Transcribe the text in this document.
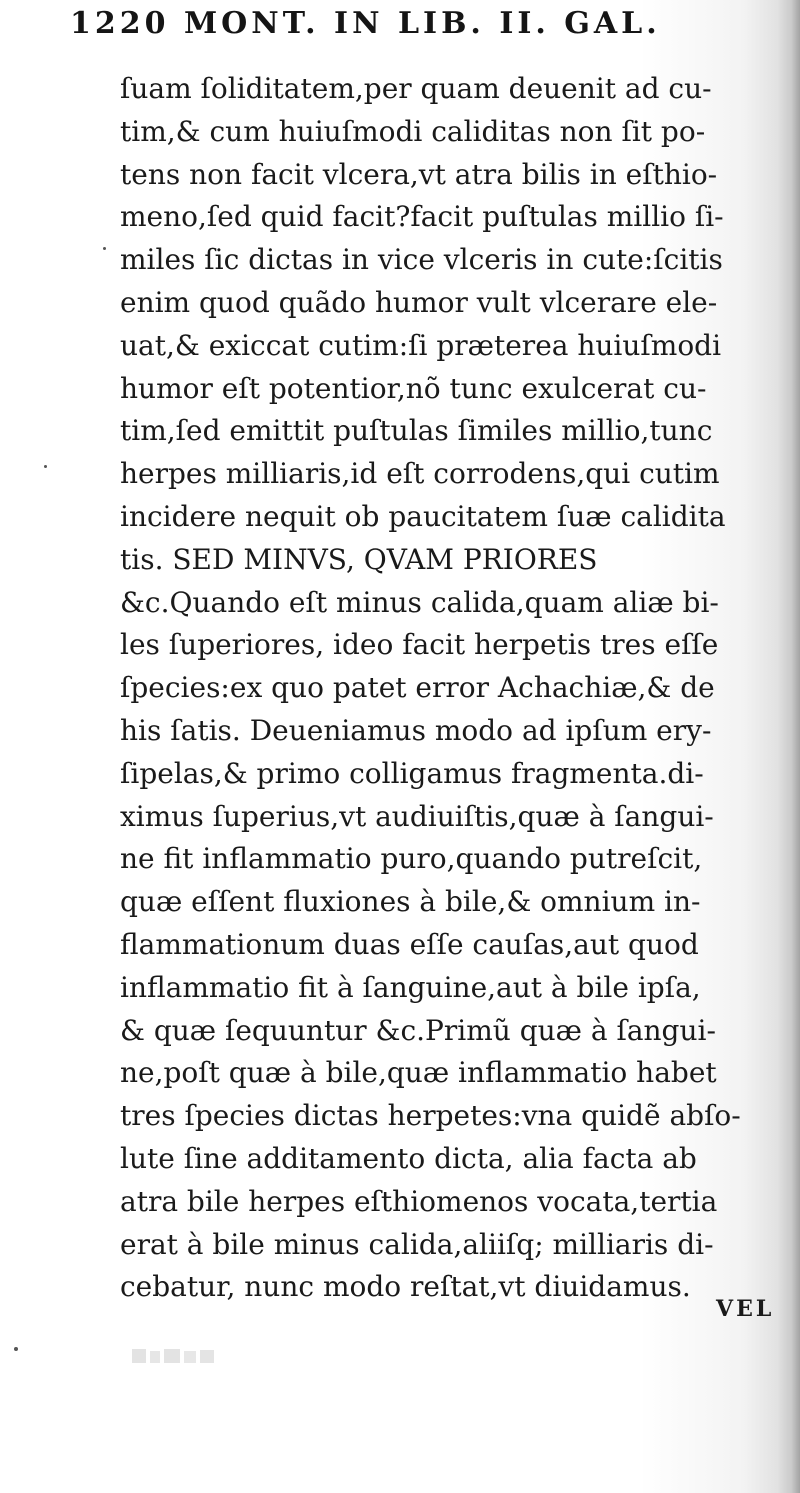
1220 MONT. IN LIB. II. GAL.
ſuam ſoliditatem,per quam deuenit ad cu-
tim,& cum huiuſmodi caliditas non ſit po-
tens non facit vlcera,vt atra bilis in eſthio-
meno,ſed quid facit?facit puſtulas millio ſi-
miles ſic dictas in vice vlceris in cute:ſcitis
enim quod quãdo humor vult vlcerare ele-
uat,& exiccat cutim:ſi præterea huiuſmodi
humor eſt potentior,nõ tunc exulcerat cu-
tim,ſed emittit puſtulas ſimiles millio,tunc
herpes milliaris,id eſt corrodens,qui cutim
incidere nequit ob paucitatem ſuæ calidita
tis. SED MINVS, QVAM PRIORES
&c.Quando eſt minus calida,quam aliæ bi-
les ſuperiores, ideo facit herpetis tres eſſe
ſpecies:ex quo patet error Achachiæ,& de
his ſatis. Deueniamus modo ad ipſum ery-
ſipelas,& primo colligamus fragmenta.di-
ximus ſuperius,vt audiuiſtis,quæ à ſangui-
ne fit inflammatio puro,quando putreſcit,
quæ eſſent fluxiones à bile,& omnium in-
flammationum duas eſſe cauſas,aut quod
inflammatio fit à ſanguine,aut à bile ipſa,
& quæ ſequuntur &c.Primũ quæ à ſangui-
ne,poſt quæ à bile,quæ inflammatio habet
tres ſpecies dictas herpetes:vna quidẽ abſo-
lute ſine additamento dicta, alia facta ab
atra bile herpes eſthiomenos vocata,tertia
erat à bile minus calida,aliiſq; milliaris di-
cebatur, nunc modo reſtat,vt diuidamus.
VEL
